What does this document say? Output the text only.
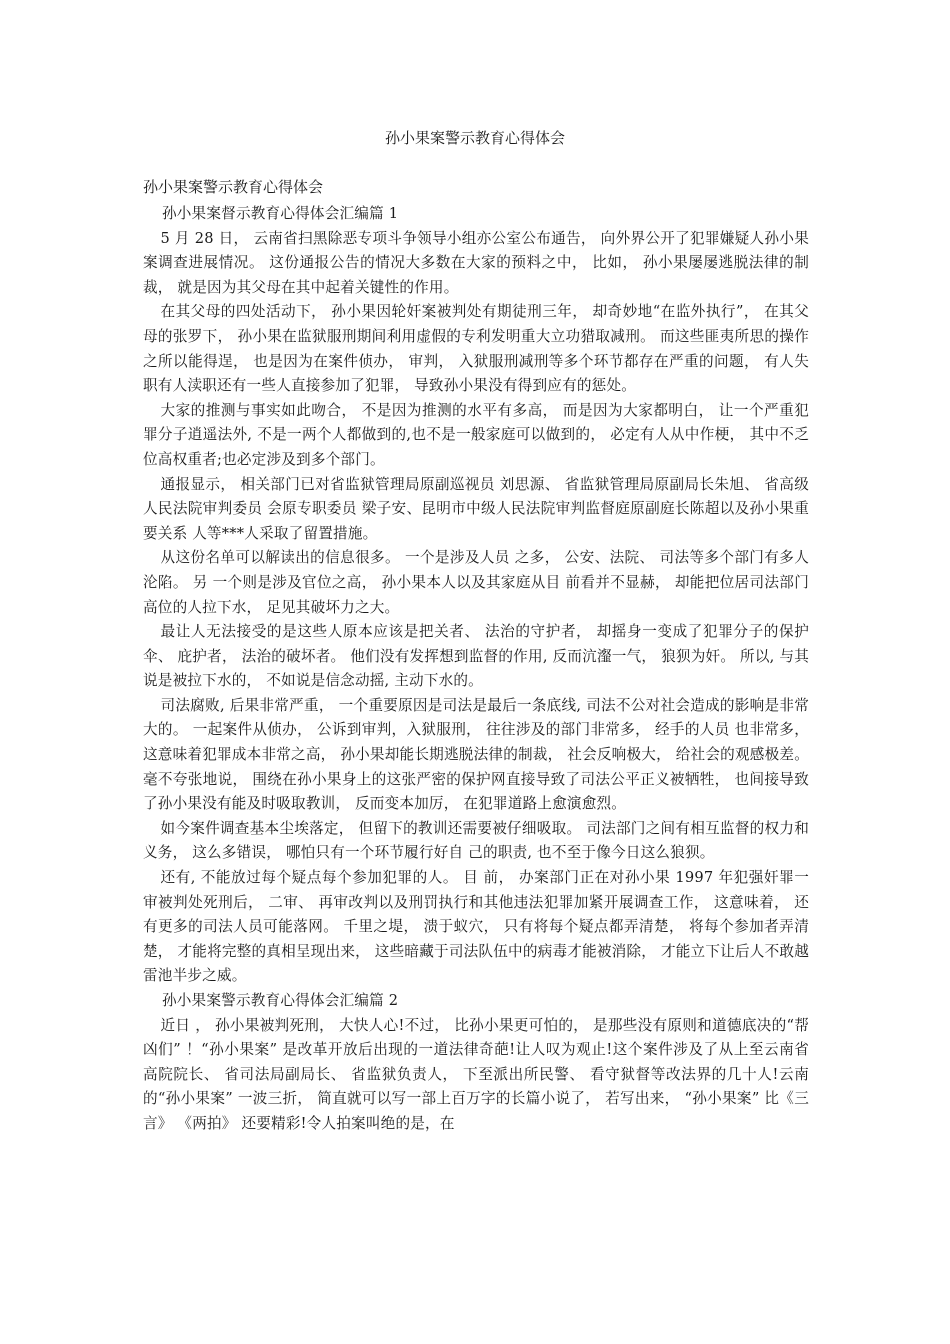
孙小果案警示教育心得体会
孙小果案警示教育心得体会

孙小果案督示教育心得体会汇编篇 1

5 月 28 日， 云南省扫黑除恶专项斗争领导小组亦公室公布通告， 向外界公开了犯罪嫌疑人孙小果案调查进展情况。 这份通报公告的情况大多数在大家的预料之中， 比如， 孙小果屡屡逃脱法律的制裁， 就是因为其父母在其中起着关键性的作用。

在其父母的四处活动下， 孙小果因轮奸案被判处有期徒刑三年， 却奇妙地“在监外执行”， 在其父母的张罗下， 孙小果在监狱服刑期间利用虚假的专利发明重大立功猎取减刑。 而这些匪夷所思的操作之所以能得逞， 也是因为在案件侦办， 审判， 入狱服刑减刑等多个环节都存在严重的问题， 有人失职有人渎职还有一些人直接参加了犯罪， 导致孙小果没有得到应有的惩处。

大家的推测与事实如此吻合， 不是因为推测的水平有多高， 而是因为大家都明白， 让一个严重犯罪分子逍遥法外, 不是一两个人都做到的,也不是一般家庭可以做到的， 必定有人从中作梗， 其中不乏位高权重者;也必定涉及到多个部门。

通报显示， 相关部门已对省监狱管理局原副巡视员 刘思源、 省监狱管理局原副局长朱旭、 省高级人民法院审判委员 会原专职委员 梁子安、昆明市中级人民法院审判监督庭原副庭长陈超以及孙小果重要关系 人等***人采取了留置措施。

从这份名单可以解读出的信息很多。 一个是涉及人员 之多， 公安、法院、 司法等多个部门有多人沦陷。 另 一个则是涉及官位之高， 孙小果本人以及其家庭从目 前看并不显赫， 却能把位居司法部门高位的人拉下水， 足见其破坏力之大。

最让人无法接受的是这些人原本应该是把关者、 法治的守护者， 却摇身一变成了犯罪分子的保护伞、 庇护者， 法治的破坏者。 他们没有发挥想到监督的作用, 反而沆瀣一气， 狼狈为奸。 所以, 与其说是被拉下水的， 不如说是信念动摇, 主动下水的。

司法腐败, 后果非常严重， 一个重要原因是司法是最后一条底线, 司法不公对社会造成的影响是非常大的。 一起案件从侦办， 公诉到审判，入狱服刑， 往往涉及的部门非常多， 经手的人员 也非常多， 这意味着犯罪成本非常之高， 孙小果却能长期逃脱法律的制裁， 社会反响极大， 给社会的观感极差。 毫不夸张地说， 围绕在孙小果身上的这张严密的保护网直接导致了司法公平正义被牺牲， 也间接导致了孙小果没有能及时吸取教训， 反而变本加厉， 在犯罪道路上愈演愈烈。

如今案件调查基本尘埃落定， 但留下的教训还需要被仔细吸取。 司法部门之间有相互监督的权力和义务， 这么多错误， 哪怕只有一个环节履行好自 己的职责, 也不至于像今日这么狼狈。

还有, 不能放过每个疑点每个参加犯罪的人。 目 前， 办案部门正在对孙小果 1997 年犯强奸罪一审被判处死刑后， 二审、 再审改判以及刑罚执行和其他违法犯罪加紧开展调查工作， 这意味着， 还有更多的司法人员可能落网。 千里之堤， 溃于蚁穴， 只有将每个疑点都弄清楚， 将每个参加者弄清楚， 才能将完整的真相呈现出来， 这些暗藏于司法队伍中的病毒才能被消除， 才能立下让后人不敢越雷池半步之威。

孙小果案警示教育心得体会汇编篇 2

近日 ， 孙小果被判死刑， 大快人心!不过， 比孙小果更可怕的， 是那些没有原则和道德底决的“帮凶们” ！“孙小果案” 是改革开放后出现的一道法律奇葩!让人叹为观止!这个案件涉及了从上至云南省高院院长、 省司法局副局长、 省监狱负责人， 下至派出所民警、 看守狱督等改法界的几十人!云南的“孙小果案” 一波三折， 简直就可以写一部上百万字的长篇小说了， 若写出来， “孙小果案” 比《三言》 《两拍》 还要精彩!令人拍案叫绝的是，在
